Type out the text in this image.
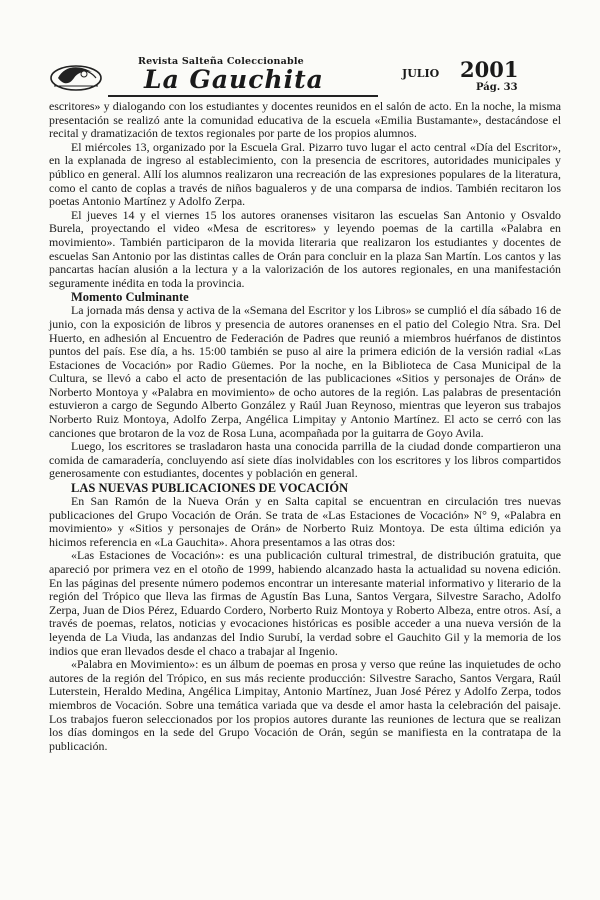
Revista Salteña Coleccionable
La Gauchita	JULIO 2001
Pág. 33

escritores» y dialogando con los estudiantes y docentes reunidos en el salón de acto. En la noche, la misma presentación se realizó ante la comunidad educativa de la escuela «Emilia Bustamante», destacándose el recital y dramatización de textos regionales por parte de los propios alumnos.

El miércoles 13, organizado por la Escuela Gral. Pizarro tuvo lugar el acto central «Día del Escritor», en la explanada de ingreso al establecimiento, con la presencia de escritores, autoridades municipales y público en general. Allí los alumnos realizaron una recreación de las expresiones populares de la literatura, como el canto de coplas a través de niños bagualeros y de una comparsa de indios. También recitaron los poetas Antonio Martínez y Adolfo Zerpa.

El jueves 14 y el viernes 15 los autores oranenses visitaron las escuelas San Antonio y Osvaldo Burela, proyectando el video «Mesa de escritores» y leyendo poemas de la cartilla «Palabra en movimiento». También participaron de la movida literaria que realizaron los estudiantes y docentes de escuelas San Antonio por las distintas calles de Orán para concluir en la plaza San Martín. Los cantos y las pancartas hacían alusión a la lectura y a la valorización de los autores regionales, en una manifestación seguramente inédita en toda la provincia.

Momento Culminante

La jornada más densa y activa de la «Semana del Escritor y los Libros» se cumplió el día sábado 16 de junio, con la exposición de libros y presencia de autores oranenses en el patio del Colegio Ntra. Sra. Del Huerto, en adhesión al Encuentro de Federación de Padres que reunió a miembros huérfanos de distintos puntos del país. Ese día, a hs. 15:00 también se puso al aire la primera edición de la versión radial «Las Estaciones de Vocación» por Radio Güemes. Por la noche, en la Biblioteca de Casa Municipal de la Cultura, se llevó a cabo el acto de presentación de las publicaciones «Sitios y personajes de Orán» de Norberto Montoya y «Palabra en movimiento» de ocho autores de la región. Las palabras de presentación estuvieron a cargo de Segundo Alberto González y Raúl Juan Reynoso, mientras que leyeron sus trabajos Norberto Ruiz Montoya, Adolfo Zerpa, Angélica Limpitay y Antonio Martínez. El acto se cerró con las canciones que brotaron de la voz de Rosa Luna, acompañada por la guitarra de Goyo Avila.

Luego, los escritores se trasladaron hasta una conocida parrilla de la ciudad donde compartieron una comida de camaradería, concluyendo así siete días inolvidables con los escritores y los libros compartidos generosamente con estudiantes, docentes y población en general.

LAS NUEVAS PUBLICACIONES DE VOCACIÓN

En San Ramón de la Nueva Orán y en Salta capital se encuentran en circulación tres nuevas publicaciones del Grupo Vocación de Orán. Se trata de «Las Estaciones de Vocación» N° 9, «Palabra en movimiento» y «Sitios y personajes de Orán» de Norberto Ruiz Montoya. De esta última edición ya hicimos referencia en «La Gauchita». Ahora presentamos a las otras dos:

«Las Estaciones de Vocación»: es una publicación cultural trimestral, de distribución gratuita, que apareció por primera vez en el otoño de 1999, habiendo alcanzado hasta la actualidad su novena edición. En las páginas del presente número podemos encontrar un interesante material informativo y literario de la región del Trópico que lleva las firmas de Agustín Bas Luna, Santos Vergara, Silvestre Saracho, Adolfo Zerpa, Juan de Dios Pérez, Eduardo Cordero, Norberto Ruiz Montoya y Roberto Albeza, entre otros. Así, a través de poemas, relatos, noticias y evocaciones históricas es posible acceder a una nueva versión de la leyenda de La Viuda, las andanzas del Indio Surubí, la verdad sobre el Gauchito Gil y la memoria de los indios que eran llevados desde el chaco a trabajar al Ingenio.

«Palabra en Movimiento»: es un álbum de poemas en prosa y verso que reúne las inquietudes de ocho autores de la región del Trópico, en sus más reciente producción: Silvestre Saracho, Santos Vergara, Raúl Luterstein, Heraldo Medina, Angélica Limpitay, Antonio Martínez, Juan José Pérez y Adolfo Zerpa, todos miembros de Vocación. Sobre una temática variada que va desde el amor hasta la celebración del paisaje. Los trabajos fueron seleccionados por los propios autores durante las reuniones de lectura que se realizan los días domingos en la sede del Grupo Vocación de Orán, según se manifiesta en la contratapa de la publicación.
